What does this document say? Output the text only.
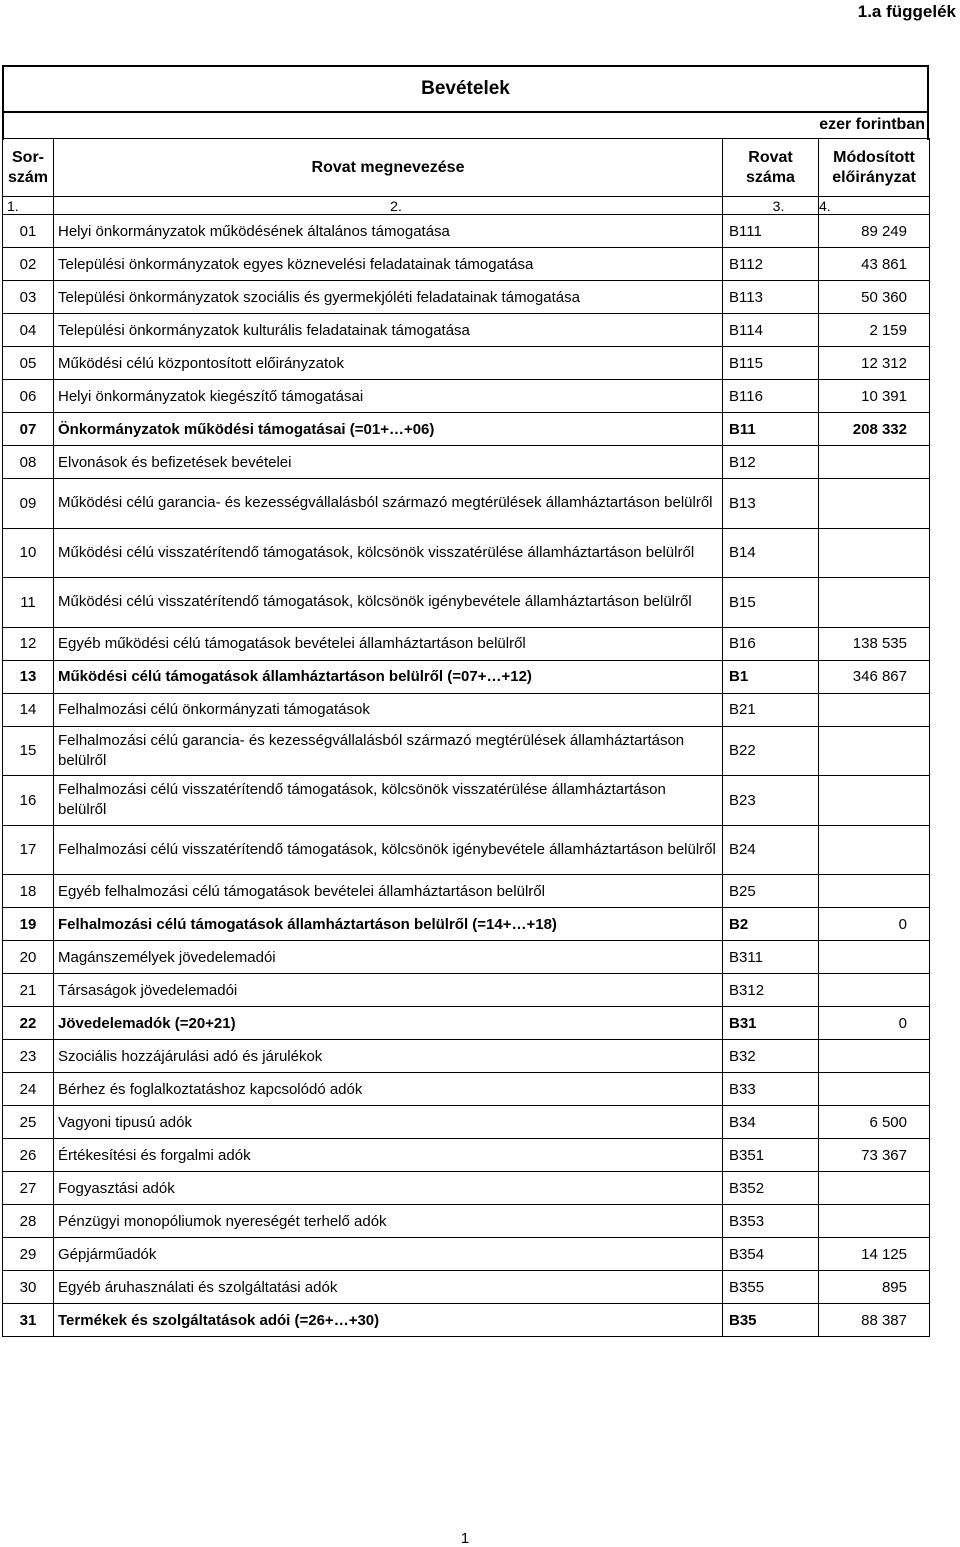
1.a függelék
Bevételek
ezer forintban
Sor-
szám	Rovat megnevezése	Rovat
száma	Módosított
előirányzat
1.	2.	3.	4.
01	Helyi önkormányzatok működésének általános támogatása	B111	89 249
02	Települési önkormányzatok egyes köznevelési feladatainak támogatása	B112	43 861
03	Települési önkormányzatok szociális és gyermekjóléti feladatainak támogatása	B113	50 360
04	Települési önkormányzatok kulturális feladatainak támogatása	B114	2 159
05	Működési célú központosított előirányzatok	B115	12 312
06	Helyi önkormányzatok kiegészítő támogatásai	B116	10 391
07	Önkormányzatok működési támogatásai (=01+…+06)	B11	208 332
08	Elvonások és befizetések bevételei	B12	
09	Működési célú garancia- és kezességvállalásból származó megtérülések államháztartáson belülről	B13	
10	Működési célú visszatérítendő támogatások, kölcsönök visszatérülése államháztartáson belülről	B14	
11	Működési célú visszatérítendő támogatások, kölcsönök igénybevétele államháztartáson belülről	B15	
12	Egyéb működési célú támogatások bevételei államháztartáson belülről	B16	138 535
13	Működési célú támogatások államháztartáson belülről (=07+…+12)	B1	346 867
14	Felhalmozási célú önkormányzati támogatások	B21	
15	Felhalmozási célú garancia- és kezességvállalásból származó megtérülések államháztartáson belülről	B22	
16	Felhalmozási célú visszatérítendő támogatások, kölcsönök visszatérülése államháztartáson belülről	B23	
17	Felhalmozási célú visszatérítendő támogatások, kölcsönök igénybevétele államháztartáson belülről	B24	
18	Egyéb felhalmozási célú támogatások bevételei államháztartáson belülről	B25	
19	Felhalmozási célú támogatások államháztartáson belülről (=14+…+18)	B2	0
20	Magánszemélyek jövedelemadói	B311	
21	Társaságok jövedelemadói	B312	
22	Jövedelemadók (=20+21)	B31	0
23	Szociális hozzájárulási adó és járulékok	B32	
24	Bérhez és foglalkoztatáshoz kapcsolódó adók	B33	
25	Vagyoni tipusú adók	B34	6 500
26	Értékesítési és forgalmi adók	B351	73 367
27	Fogyasztási adók	B352	
28	Pénzügyi monopóliumok nyereségét terhelő adók	B353	
29	Gépjárműadók	B354	14 125
30	Egyéb áruhasználati és szolgáltatási adók	B355	895
31	Termékek és szolgáltatások adói (=26+…+30)	B35	88 387
1
